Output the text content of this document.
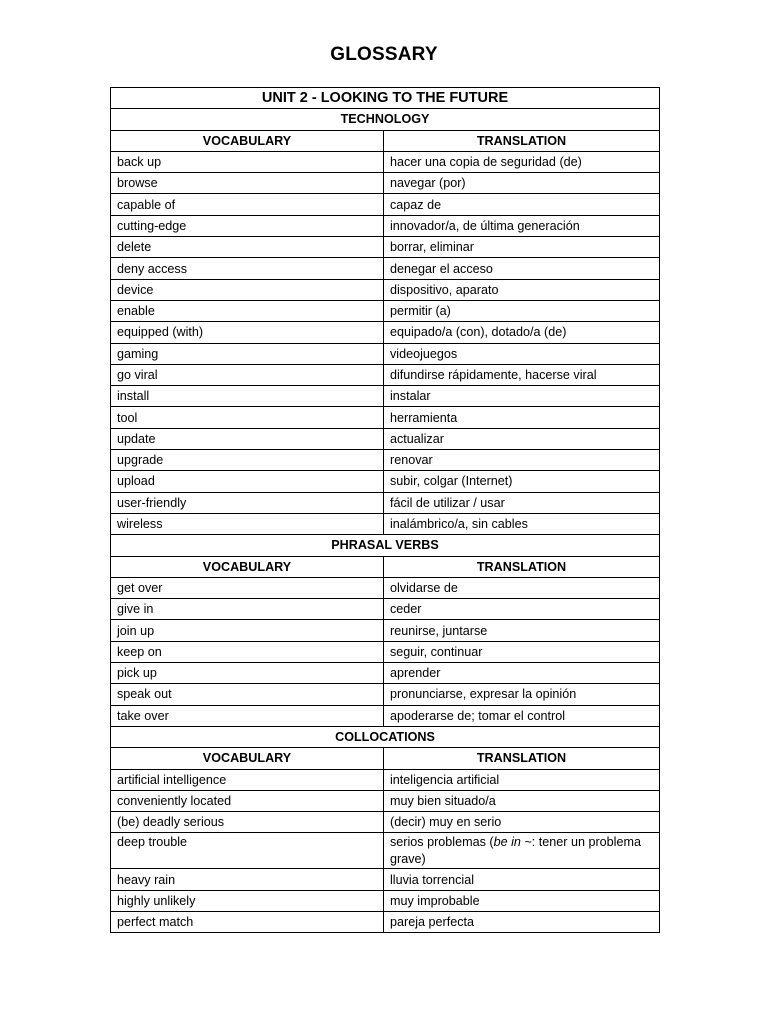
GLOSSARY
UNIT 2 - LOOKING TO THE FUTURE	
TECHNOLOGY	
VOCABULARY	TRANSLATION
back up	hacer una copia de seguridad (de)
browse	navegar (por)
capable of	capaz de
cutting-edge	innovador/a, de última generación
delete	borrar, eliminar
deny access	denegar el acceso
device	dispositivo, aparato
enable	permitir (a)
equipped (with)	equipado/a (con), dotado/a (de)
gaming	videojuegos
go viral	difundirse rápidamente, hacerse viral
install	instalar
tool	herramienta
update	actualizar
upgrade	renovar
upload	subir, colgar (Internet)
user-friendly	fácil de utilizar / usar
wireless	inalámbrico/a, sin cables
PHRASAL VERBS	
VOCABULARY	TRANSLATION
get over	olvidarse de
give in	ceder
join up	reunirse, juntarse
keep on	seguir, continuar
pick up	aprender
speak out	pronunciarse, expresar la opinión
take over	apoderarse de; tomar el control
COLLOCATIONS	
VOCABULARY	TRANSLATION
artificial intelligence	inteligencia artificial
conveniently located	muy bien situado/a
(be) deadly serious	(decir) muy en serio
deep trouble	serios problemas (be in ~: tener un problema grave)
heavy rain	lluvia torrencial
highly unlikely	muy improbable
perfect match	pareja perfecta
